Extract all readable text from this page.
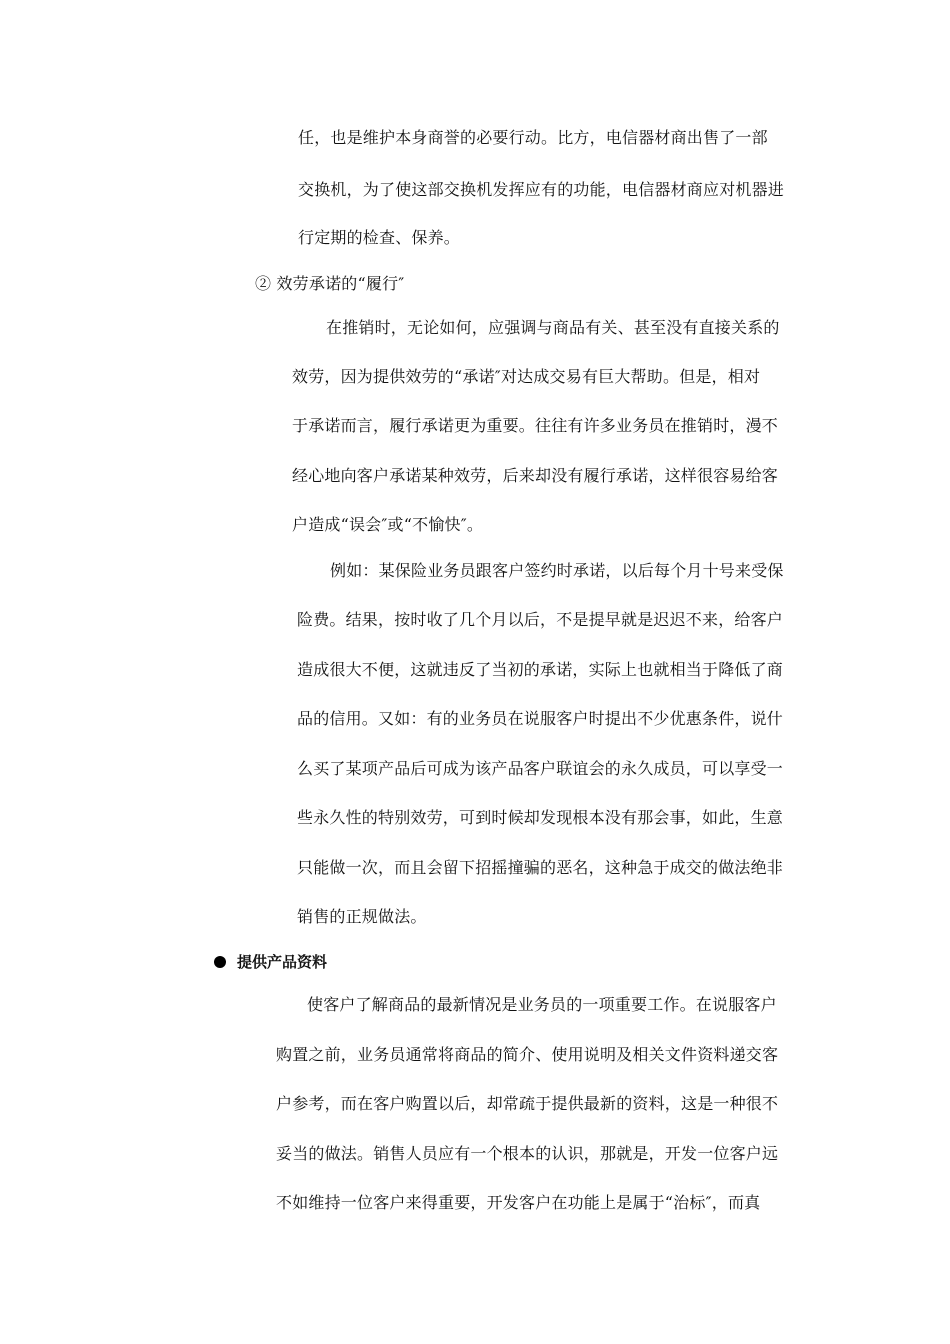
任，也是维护本身商誉的必要行动。比方，电信器材商出售了一部
交换机，为了使这部交换机发挥应有的功能，电信器材商应对机器进
行定期的检查、保养。
② 效劳承诺的“履行″
在推销时，无论如何，应强调与商品有关、甚至没有直接关系的
效劳，因为提供效劳的“承诺″对达成交易有巨大帮助。但是，相对
于承诺而言，履行承诺更为重要。往往有许多业务员在推销时，漫不
经心地向客户承诺某种效劳，后来却没有履行承诺，这样很容易给客
户造成“误会″或“不愉快″。
例如：某保险业务员跟客户签约时承诺，以后每个月十号来受保
险费。结果，按时收了几个月以后，不是提早就是迟迟不来，给客户
造成很大不便，这就违反了当初的承诺，实际上也就相当于降低了商
品的信用。又如：有的业务员在说服客户时提出不少优惠条件，说什
么买了某项产品后可成为该产品客户联谊会的永久成员，可以享受一
些永久性的特别效劳，可到时候却发现根本没有那会事，如此，生意
只能做一次，而且会留下招摇撞骗的恶名，这种急于成交的做法绝非
销售的正规做法。
提供产品资料
使客户了解商品的最新情况是业务员的一项重要工作。在说服客户
购置之前，业务员通常将商品的简介、使用说明及相关文件资料递交客
户参考，而在客户购置以后，却常疏于提供最新的资料，这是一种很不
妥当的做法。销售人员应有一个根本的认识，那就是，开发一位客户远
不如维持一位客户来得重要，开发客户在功能上是属于“治标″，而真
